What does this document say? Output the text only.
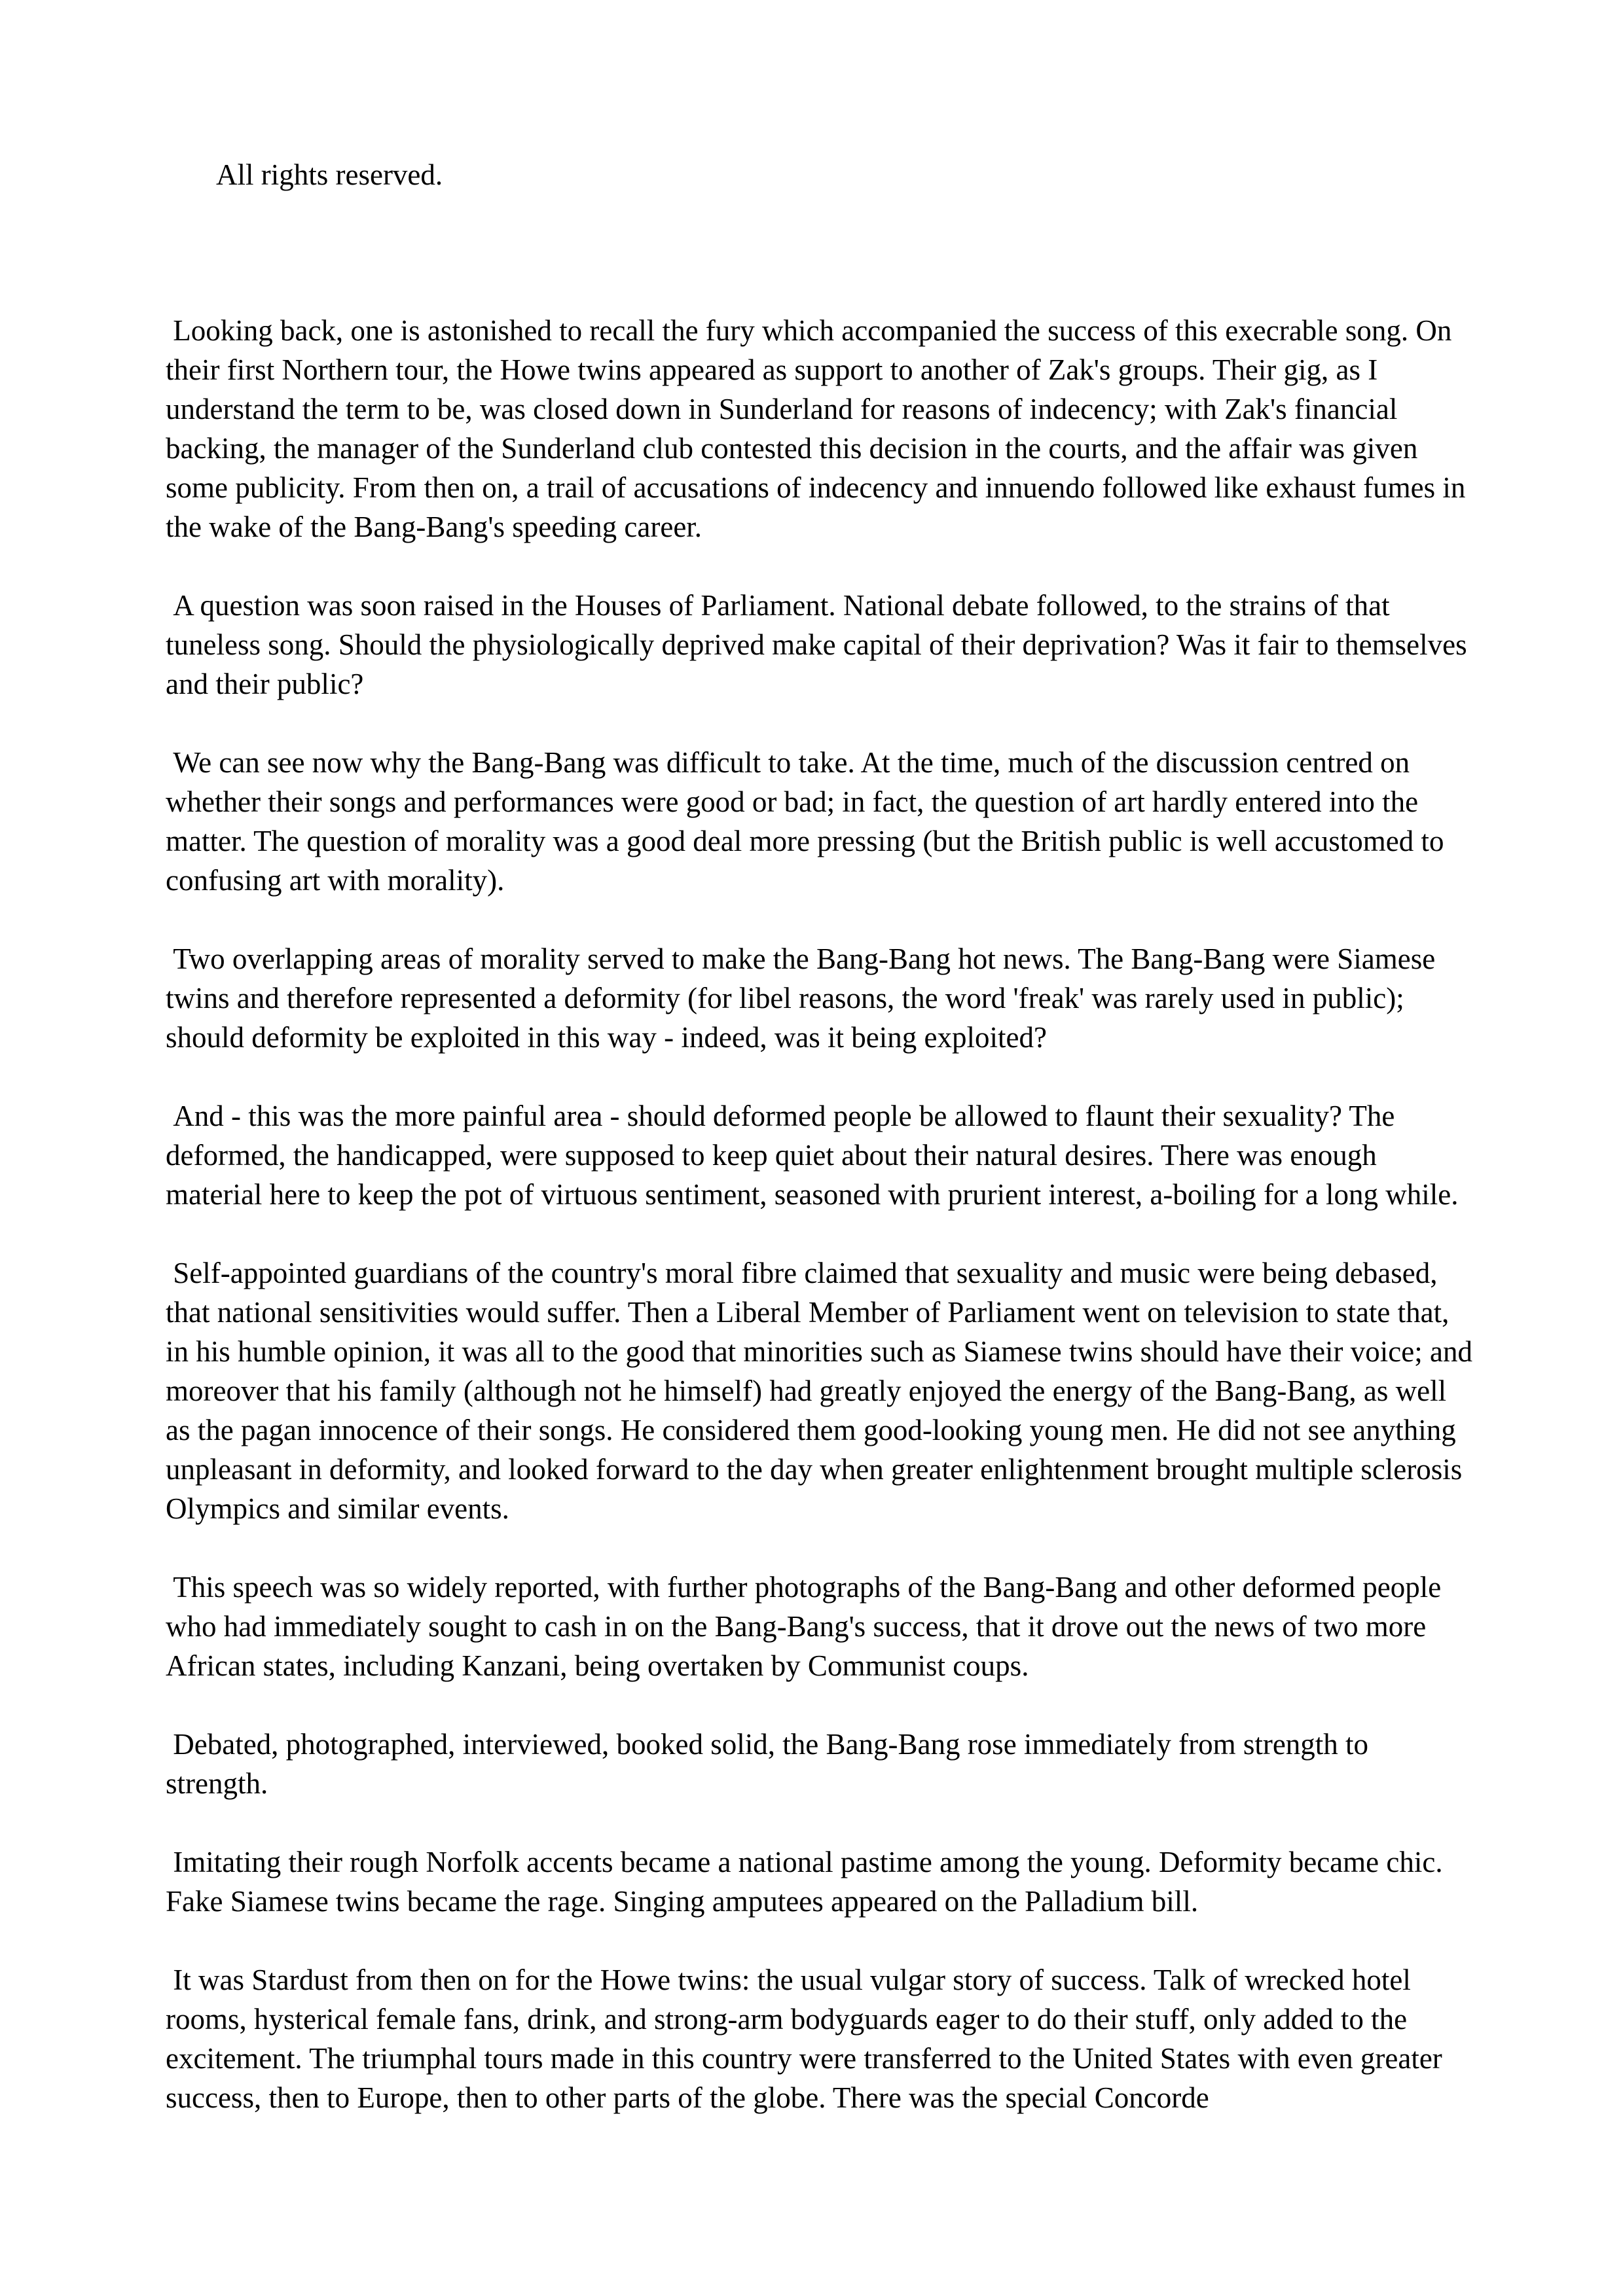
All rights reserved.

Looking back, one is astonished to recall the fury which accompanied the success of this execrable song. On their first Northern tour, the Howe twins appeared as support to another of Zak's groups. Their gig, as I understand the term to be, was closed down in Sunderland for reasons of indecency; with Zak's financial backing, the manager of the Sunderland club contested this decision in the courts, and the affair was given some publicity. From then on, a trail of accusations of indecency and innuendo followed like exhaust fumes in the wake of the Bang-Bang's speeding career.

A question was soon raised in the Houses of Parliament. National debate followed, to the strains of that tuneless song. Should the physiologically deprived make capital of their deprivation? Was it fair to themselves and their public?

We can see now why the Bang-Bang was difficult to take. At the time, much of the discussion centred on whether their songs and performances were good or bad; in fact, the question of art hardly entered into the matter. The question of morality was a good deal more pressing (but the British public is well accustomed to confusing art with morality).

Two overlapping areas of morality served to make the Bang-Bang hot news. The Bang-Bang were Siamese twins and therefore represented a deformity (for libel reasons, the word 'freak' was rarely used in public); should deformity be exploited in this way - indeed, was it being exploited?

And - this was the more painful area - should deformed people be allowed to flaunt their sexuality? The deformed, the handicapped, were supposed to keep quiet about their natural desires. There was enough material here to keep the pot of virtuous sentiment, seasoned with prurient interest, a-boiling for a long while.

Self-appointed guardians of the country's moral fibre claimed that sexuality and music were being debased, that national sensitivities would suffer. Then a Liberal Member of Parliament went on television to state that, in his humble opinion, it was all to the good that minorities such as Siamese twins should have their voice; and moreover that his family (although not he himself) had greatly enjoyed the energy of the Bang-Bang, as well as the pagan innocence of their songs. He considered them good-looking young men. He did not see anything unpleasant in deformity, and looked forward to the day when greater enlightenment brought multiple sclerosis Olympics and similar events.

This speech was so widely reported, with further photographs of the Bang-Bang and other deformed people who had immediately sought to cash in on the Bang-Bang's success, that it drove out the news of two more African states, including Kanzani, being overtaken by Communist coups.

Debated, photographed, interviewed, booked solid, the Bang-Bang rose immediately from strength to strength.

Imitating their rough Norfolk accents became a national pastime among the young. Deformity became chic. Fake Siamese twins became the rage. Singing amputees appeared on the Palladium bill.

It was Stardust from then on for the Howe twins: the usual vulgar story of success. Talk of wrecked hotel rooms, hysterical female fans, drink, and strong-arm bodyguards eager to do their stuff, only added to the excitement. The triumphal tours made in this country were transferred to the United States with even greater success, then to Europe, then to other parts of the globe. There was the special Concorde
